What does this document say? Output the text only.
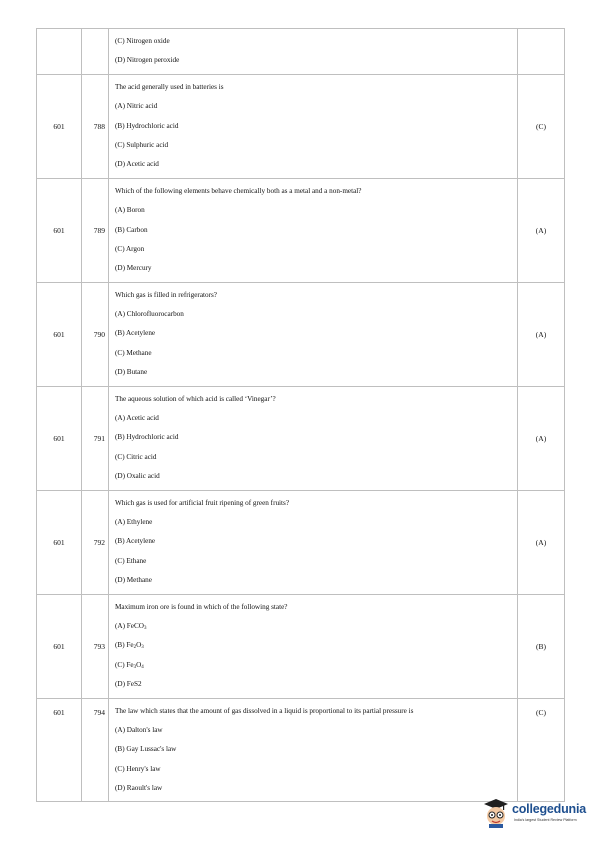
		(C) Nitrogen oxide
(D) Nitrogen peroxide	

601	788	The acid generally used in batteries is
(A) Nitric acid
(B) Hydrochloric acid
(C) Sulphuric acid
(D) Acetic acid	(C)
601	789	Which of the following elements behave chemically both as a metal and a non-metal?
(A) Boron
(B) Carbon
(C) Argon
(D) Mercury	(A)
601	790	Which gas is filled in refrigerators?
(A) Chlorofluorocarbon
(B) Acetylene
(C) Methane
(D) Butane	(A)
601	791	The aqueous solution of which acid is called ‘Vinegar’?
(A) Acetic acid
(B) Hydrochloric acid
(C) Citric acid
(D) Oxalic acid	(A)
601	792	Which gas is used for artificial fruit ripening of green fruits?
(A) Ethylene
(B) Acetylene
(C) Ethane
(D) Methane	(A)
601	793	Maximum iron ore is found in which of the following state?
(A) FeCO$_3$
(B) $Fe_2O_3$
(C) $Fe_3O_4$
(D) FeS2	(B)
601	794	The law which states that the amount of gas dissolved in a liquid is proportional to its partial pressure is
(A) Dalton's law
(B) Gay Lussac's law
(C) Henry's law
(D) Raoult's law	(C)
collegedunia
India's largest Student Review Platform
